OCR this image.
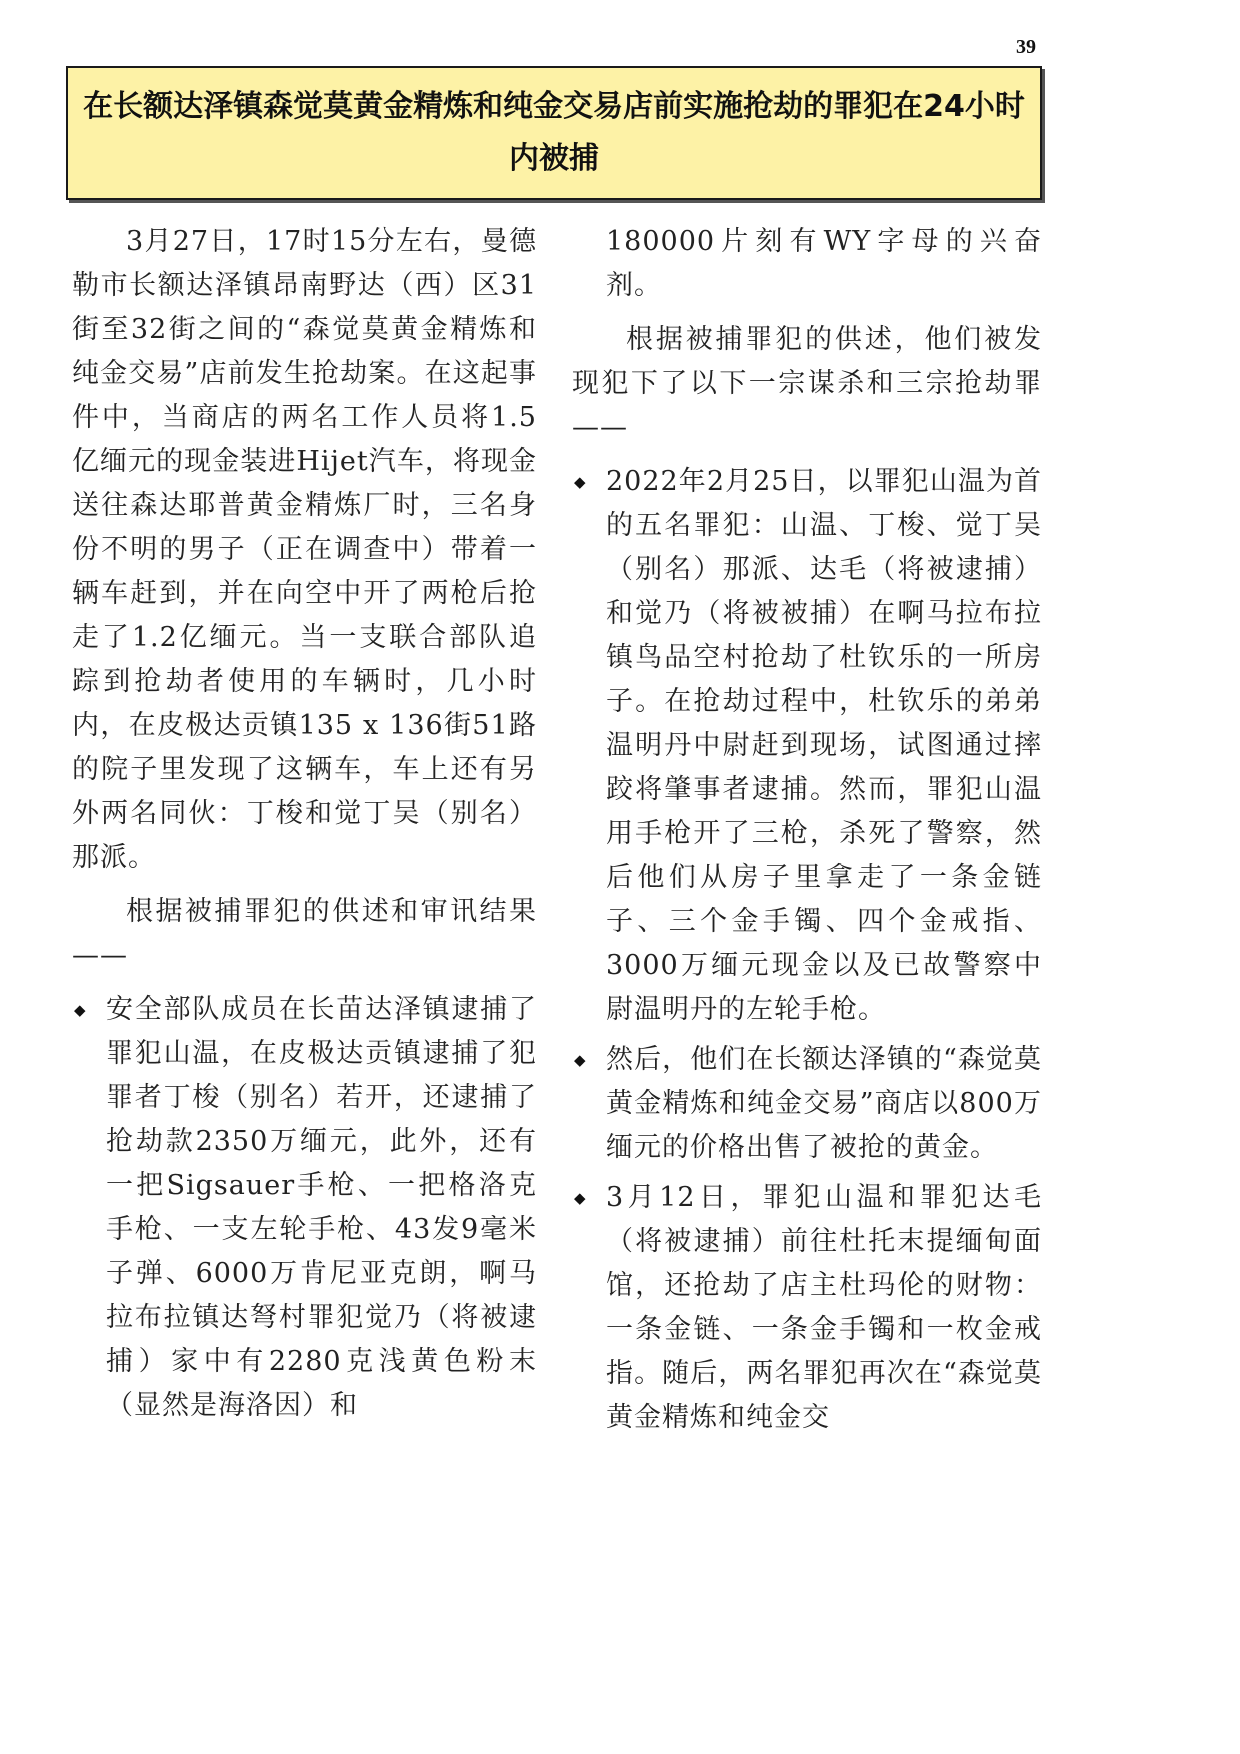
39
在长额达泽镇森觉莫黄金精炼和纯金交易店前实施抢劫的罪犯在24小时内被捕

3月27日，17时15分左右，曼德勒市长额达泽镇昂南野达（西）区31街至32街之间的“森觉莫黄金精炼和纯金交易”店前发生抢劫案。在这起事件中，当商店的两名工作人员将1.5亿缅元的现金装进Hijet汽车，将现金送往森达耶普黄金精炼厂时，三名身份不明的男子（正在调查中）带着一辆车赶到，并在向空中开了两枪后抢走了1.2亿缅元。当一支联合部队追踪到抢劫者使用的车辆时，几小时内，在皮极达贡镇135 x 136街51路的院子里发现了这辆车，车上还有另外两名同伙：丁梭和觉丁吴（别名）那派。

根据被捕罪犯的供述和审讯结果——

◆ 安全部队成员在长苗达泽镇逮捕了罪犯山温，在皮极达贡镇逮捕了犯罪者丁梭（别名）若开，还逮捕了抢劫款2350万缅元，此外，还有一把Sigsauer手枪、一把格洛克手枪、一支左轮手枪、43发9毫米子弹、6000万肯尼亚克朗，啊马拉布拉镇达弩村罪犯觉乃（将被逮捕）家中有2280克浅黄色粉末（显然是海洛因）和

180000片刻有WY字母的兴奋剂。

根据被捕罪犯的供述，他们被发现犯下了以下一宗谋杀和三宗抢劫罪——

◆ 2022年2月25日，以罪犯山温为首的五名罪犯：山温、丁梭、觉丁吴（别名）那派、达毛（将被逮捕）和觉乃（将被被捕）在啊马拉布拉镇鸟品空村抢劫了杜钦乐的一所房子。在抢劫过程中，杜钦乐的弟弟温明丹中尉赶到现场，试图通过摔跤将肇事者逮捕。然而，罪犯山温用手枪开了三枪，杀死了警察，然后他们从房子里拿走了一条金链子、三个金手镯、四个金戒指、3000万缅元现金以及已故警察中尉温明丹的左轮手枪。
◆ 然后，他们在长额达泽镇的“森觉莫黄金精炼和纯金交易”商店以800万缅元的价格出售了被抢的黄金。
◆ 3月12日，罪犯山温和罪犯达毛（将被逮捕）前往杜托末提缅甸面馆，还抢劫了店主杜玛伦的财物：一条金链、一条金手镯和一枚金戒指。随后，两名罪犯再次在“森觉莫黄金精炼和纯金交
